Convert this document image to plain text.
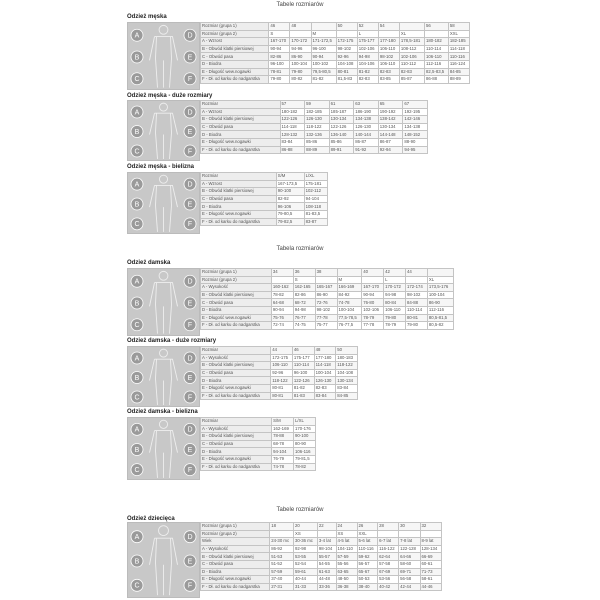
Tabele rozmiarów
Tabela rozmiarów
Tabele rozmiarów
Odzież męska
A
B
C
D
E
F
Rozmiar (grupa 1)	46	48		50	52	54		56	58
Rozmiar (grupa 2)	S		M		L		XL		XXL
A - Wzrost	167-170	170-172	171-172,5	172-175	175-177	177-180	178,5-181	180-182	182-185
B - Obwód klatki piersiowej	90-94	94-96	96-100	98-102	102-106	106-110	108-112	110-114	114-118
C - Obwód pasa	82-86	86-90	90-94	92-96	94-98	98-102	102-106	106-110	110-116
D - Biodra	96-100	100-104	100-102	104-108	104-106	106-110	110-112	112-116	116-124
E - Długość wew.nogawki	78-81	79-80	79,5-80,5	80-81	81-82	82-83	82-83	82,5-83,5	84-85
F - Dł. od karku do nadgarstka	79-80	80-82	81-82	81,5-83	82-83	83-85	85-87	86-88	88-89
Odzież męska - duże rozmiary
A
B
C
D
E
F
Rozmiar	57	59	61	63	65	67
A - Wzrost	180-182	182-185	185-187	186-190	190-192	192-195
B - Obwód klatki piersiowej	122-126	126-130	130-134	134-138	138-142	142-146
C - Obwód pasa	114-118	118-122	122-126	126-130	130-134	134-138
D - Biodra	128-132	132-136	136-140	140-144	144-148	148-152
E - Długość wew.nogawki	83-84	85-86	85-86	86-87	86-87	88-90
F - Dł. od karku do nadgarstka	86-88	88-89	89-91	91-92	92-94	94-95
Odzież męska - bielizna
A
B
C
D
E
F
Rozmiar	S/M	L/XL
A - Wzrost	167-173,5	175-181
B - Obwód klatki piersiowej	90-100	102-112
C - Obwód pasa	82-92	94-104
D - Biodra	96-106	108-118
E - Długość wew.nogawki	79-80,5	81-83,5
F - Dł. od karku do nadgarstka	79-82,5	83-87
Odzież damska
A
B
C
D
E
F
Rozmiar (grupa 1)	34	36	38		40	42	44	
Rozmiar (grupa 2)		S		M		L		XL
A - Wysokość	160-162	162-165	165-167	166-169	167-170	170-172	172-174	173,5-176
B - Obwód klatki piersiowej	78-82	82-86	86-90	84-92	90-94	94-98	98-102	100-104
C - Obwód pasa	64-68	68-72	72-76	74-78	76-80	80-84	84-88	86-90
D - Biodra	90-94	94-98	98-102	100-104	102-106	106-110	110-114	112-116
E - Długość wew.nogawki	75-76	76-77	77-78	77,5-78,5	78-79	79-80	80-81	80,5-81,5
F - Dł. od karku do nadgarstka	72-74	74-75	75-77	76-77,5	77-78	78-79	79-80	80,5-82
Odzież damska - duże rozmiary
A
B
C
D
E
F
Rozmiar	44	46	48	50
A - Wysokość	172-175	175-177	177-180	180-183
B - Obwód klatki piersiowej	106-110	110-114	114-118	118-122
C - Obwód pasa	92-96	96-100	100-104	104-108
D - Biodra	118-122	122-126	126-130	130-134
E - Długość wew.nogawki	80-81	81-82	82-83	83-84
F - Dł. od karku do nadgarstka	80-81	81-83	83-84	84-85
Odzież damska - bielizna
A
B
C
D
E
F
Rozmiar	S/M	L/XL
A - Wysokość	162-169	170-176
B - Obwód klatki piersiowej	78-88	90-100
C - Obwód pasa	68-78	80-90
D - Biodra	94-104	106-116
E - Długość wew.nogawki	76-79	79-81,5
F - Dł. od karku do nadgarstka	74-78	78-82
Odzież dziecięca
A
B
C
D
E
F
Rozmiar (grupa 1)	18	20	22	24	26	28	30	32
Rozmiar (grupa 2)		XS		XS	XXL			
Wiek	24-30 mc	30-36 mc	3-4 lat	4-5 lat	5-6 lat	6-7 lat	7-8 lat	8-9 lat
A - Wysokość	86-92	92-98	98-104	104-110	110-116	116-122	122-128	128-134
B - Obwód klatki piersiowej	51-53	53-55	55-57	57-59	59-62	62-64	64-66	66-69
C - Obwód pasa	51-52	52-54	54-55	55-56	56-57	57-58	58-60	60-61
D - Biodra	57-59	59-61	61-63	63-65	65-67	67-69	69-71	71-73
E - Długość wew.nogawki	37-40	40-44	44-48	48-50	50-53	53-56	56-58	58-61
F - Dł. od karku do nadgarstka	27-31	31-33	33-36	36-38	38-40	40-42	42-44	44-46
